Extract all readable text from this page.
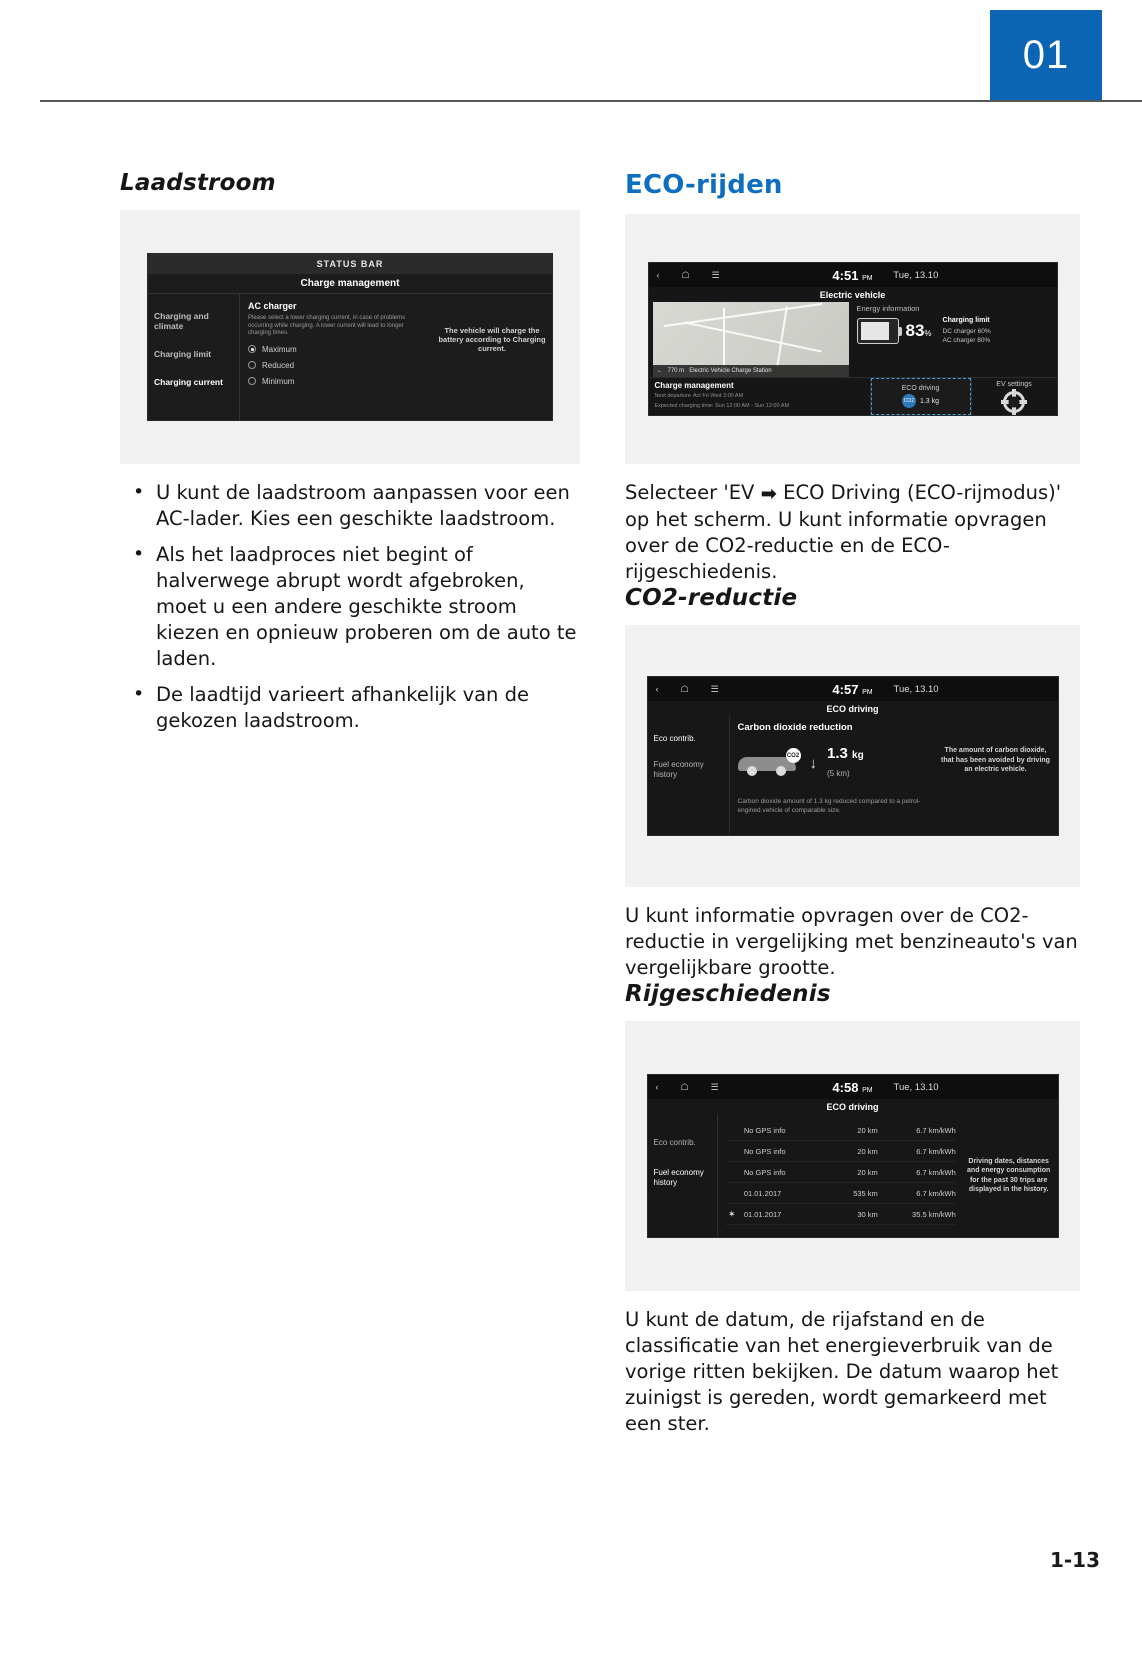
01
Laadstroom
STATUS BAR
Charge management
Charging and climate
Charging limit
Charging current
AC charger
Please select a lower charging current, in case of problems occurring while charging. A lower current will lead to longer charging times.
Maximum
Reduced
Minimum
The vehicle will charge the battery according to Charging current.
• U kunt de laadstroom aanpassen voor een AC-lader. Kies een geschikte laadstroom.
• Als het laadproces niet begint of halverwege abrupt wordt afgebroken, moet u een andere geschikte stroom kiezen en opnieuw proberen om de auto te laden.
• De laadtijd varieert afhankelijk van de gekozen laadstroom.
ECO-rijden
‹ ☖ ☰	4:51 PM Tue, 13.10
Electric vehicle
← 770 m Electric Vehicle Charge Station
Energy information
83%
Charging limit
DC charger 60%
AC charger 80%
Charge management
Next departure Act Fri Wed 3:00 AM
Expected charging time: Sun 12:00 AM - Sun 12:00 AM
ECO driving
CO2 1.3 kg
EV settings
Selecteer 'EV ➡ ECO Driving (ECO-rijmodus)' op het scherm. U kunt informatie opvragen over de CO2-reductie en de ECO-rijgeschiedenis.
CO2-reductie
‹ ☖ ☰	4:57 PM Tue, 13.10
ECO driving
Eco contrib.
Fuel economy history
Carbon dioxide reduction
CO2 ↓
1.3 kg
(5 km)
Carbon dioxide amount of 1.3 kg reduced compared to a petrol-engined vehicle of comparable size.
The amount of carbon dioxide, that has been avoided by driving an electric vehicle.
U kunt informatie opvragen over de CO2-reductie in vergelijking met benzineauto's van vergelijkbare grootte.
Rijgeschiedenis
‹ ☖ ☰	4:58 PM Tue, 13.10
ECO driving
Eco contrib.
Fuel economy history
No GPS info	20 km	6.7 km/kWh
No GPS info	20 km	6.7 km/kWh
No GPS info	20 km	6.7 km/kWh
01.01.2017	535 km	6.7 km/kWh
✶ 01.01.2017	30 km	35.5 km/kWh
Driving dates, distances and energy consumption for the past 30 trips are displayed in the history.
U kunt de datum, de rijafstand en de classificatie van het energieverbruik van de vorige ritten bekijken. De datum waarop het zuinigst is gereden, wordt gemarkeerd met een ster.
1-13
